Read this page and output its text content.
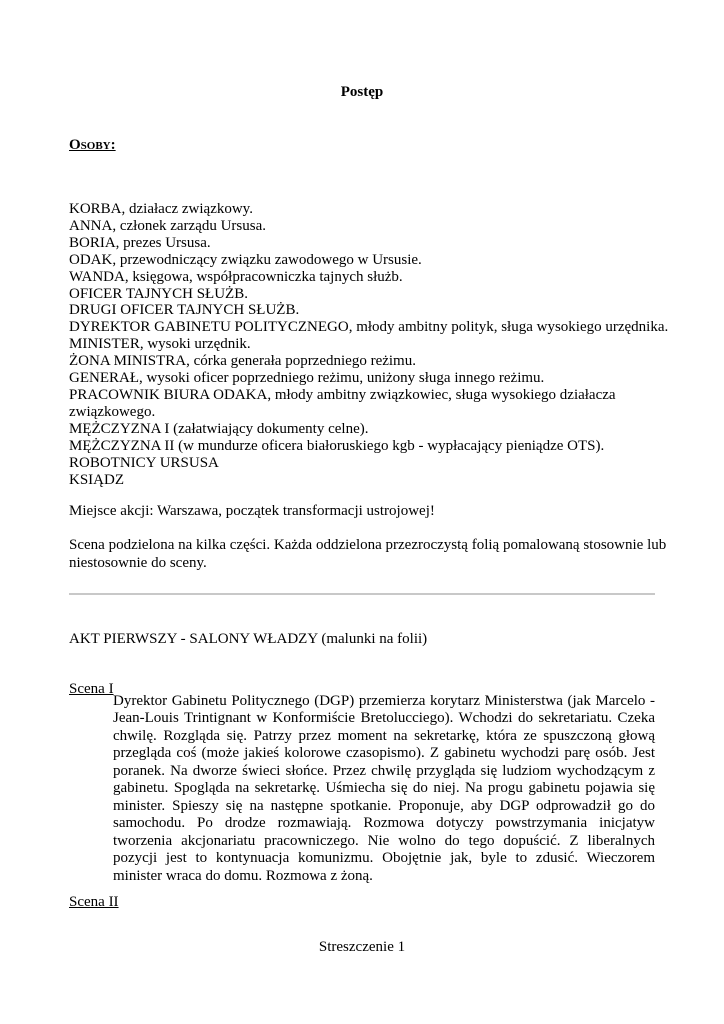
Postęp
Osoby:
KORBA, działacz związkowy.
ANNA, członek zarządu Ursusa.
BORIA, prezes Ursusa.
ODAK, przewodniczący związku zawodowego w Ursusie.
WANDA, księgowa, współpracowniczka tajnych służb.
OFICER TAJNYCH SŁUŻB.
DRUGI OFICER TAJNYCH SŁUŻB.
DYREKTOR GABINETU POLITYCZNEGO, młody ambitny polityk, sługa wysokiego urzędnika.
MINISTER, wysoki urzędnik.
ŻONA MINISTRA, córka generała poprzedniego reżimu.
GENERAŁ, wysoki oficer poprzedniego reżimu, uniżony sługa innego reżimu.
PRACOWNIK BIURA ODAKA, młody ambitny związkowiec, sługa wysokiego działacza związkowego.
MĘŻCZYZNA I (załatwiający dokumenty celne).
MĘŻCZYZNA II (w mundurze oficera białoruskiego kgb - wypłacający pieniądze OTS).
ROBOTNICY URSUSA
KSIĄDZ
Miejsce akcji: Warszawa, początek transformacji ustrojowej!
Scena podzielona na kilka części. Każda oddzielona przezroczystą folią pomalowaną stosownie lub niestosownie do sceny.
AKT PIERWSZY - SALONY WŁADZY (malunki na folii)
Scena I
Dyrektor Gabinetu Politycznego (DGP) przemierza korytarz Ministerstwa (jak Marcelo - Jean-Louis Trintignant w Konformiście Bretolucciego). Wchodzi do sekretariatu. Czeka chwilę. Rozgląda się. Patrzy przez moment na sekretarkę, która ze spuszczoną głową przegląda coś (może jakieś kolorowe czasopismo). Z gabinetu wychodzi parę osób. Jest poranek. Na dworze świeci słońce. Przez chwilę przygląda się ludziom wychodzącym z gabinetu. Spogląda na sekretarkę. Uśmiecha się do niej. Na progu gabinetu pojawia się minister. Spieszy się na następne spotkanie. Proponuje, aby DGP odprowadził go do samochodu. Po drodze rozmawiają. Rozmowa dotyczy powstrzymania inicjatyw tworzenia akcjonariatu pracowniczego. Nie wolno do tego dopuścić. Z liberalnych pozycji jest to kontynuacja komunizmu. Obojętnie jak, byle to zdusić. Wieczorem minister wraca do domu. Rozmowa z żoną.
Scena II
Streszczenie 1
